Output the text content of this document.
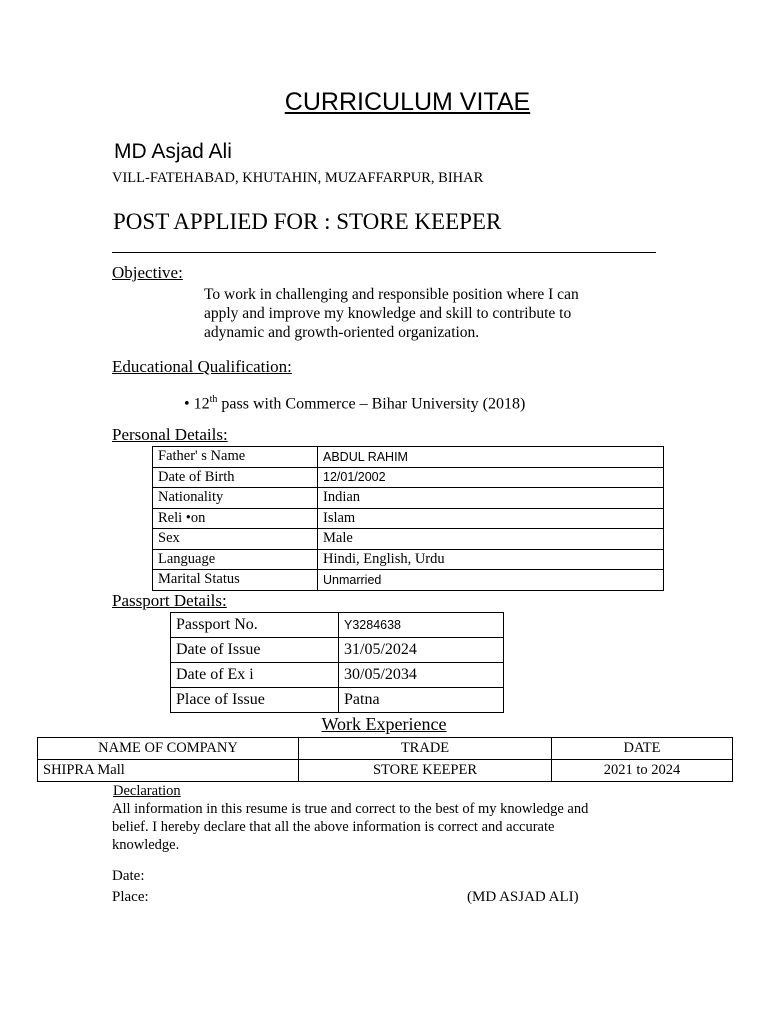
CURRICULUM VITAE
MD Asjad Ali
VILL-FATEHABAD, KHUTAHIN, MUZAFFARPUR, BIHAR
POST APPLIED FOR : STORE KEEPER
Objective:
To work in challenging and responsible position where I can
apply and improve my knowledge and skill to contribute to
adynamic and growth-oriented organization.
Educational Qualification:
• 12th pass with Commerce – Bihar University (2018)
Personal Details:
Father' s Name	ABDUL RAHIM
Date of Birth	12/01/2002
Nationality	Indian
Reli •on	Islam
Sex	Male
Language	Hindi, English, Urdu
Marital Status	Unmarried
Passport Details:
Passport No.	Y3284638
Date of Issue	31/05/2024
Date of Ex i	30/05/2034
Place of Issue	Patna
Work Experience
NAME OF COMPANY	TRADE	DATE
SHIPRA Mall	STORE KEEPER	2021 to 2024
Declaration
All information in this resume is true and correct to the best of my knowledge and
belief. I hereby declare that all the above information is correct and accurate
knowledge.
Date:
Place:	(MD ASJAD ALI)
